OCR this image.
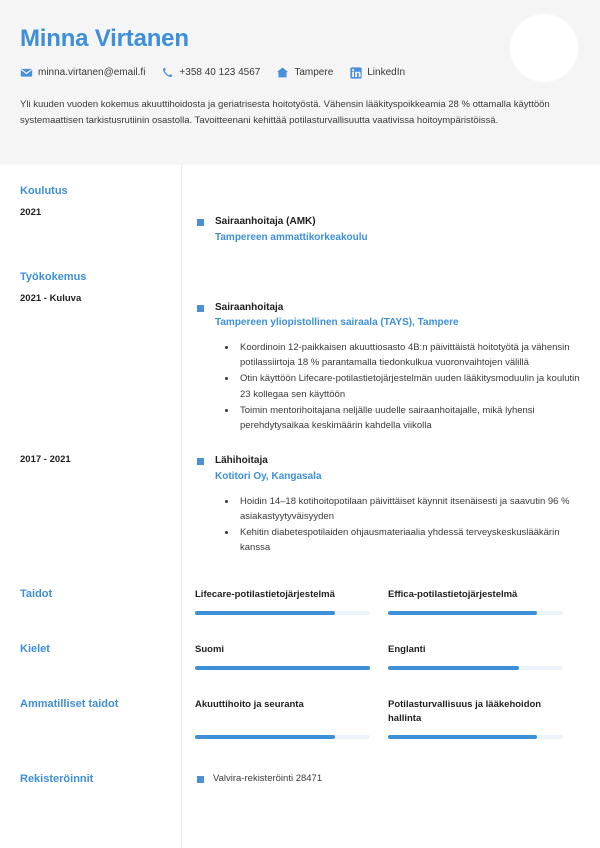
Minna Virtanen
minna.virtanen@email.fi	+358 40 123 4567	Tampere	LinkedIn
Yli kuuden vuoden kokemus akuuttihoidosta ja geriatrisesta hoitotyöstä. Vähensin lääkityspoikkeamia 28 % ottamalla käyttöön systemaattisen tarkistusrutiinin osastolla. Tavoitteenani kehittää potilasturvallisuutta vaativissa hoitoympäristöissä.
Koulutus
2021
Sairaanhoitaja (AMK)
Tampereen ammattikorkeakoulu
Työkokemus
2021 - Kuluva
Sairaanhoitaja
Tampereen yliopistollinen sairaala (TAYS), Tampere
• Koordinoin 12-paikkaisen akuuttiosasto 4B:n päivittäistä hoitotyötä ja vähensin potilassiirtoja 18 % parantamalla tiedonkulkua vuoronvaihtojen välillä
• Otin käyttöön Lifecare-potilastietojärjestelmän uuden lääkitysmoduulin ja koulutin 23 kollegaa sen käyttöön
• Toimin mentorihoitajana neljälle uudelle sairaanhoitajalle, mikä lyhensi perehdytysaikaa keskimäärin kahdella viikolla
2017 - 2021	Lähihoitaja
Kotitori Oy, Kangasala
• Hoidin 14–18 kotihoitopotilaan päivittäiset käynnit itsenäisesti ja saavutin 96 % asiakastyytyväisyyden
• Kehitin diabetespotilaiden ohjausmateriaalia yhdessä terveyskeskuslääkärin kanssa
Taidot	Lifecare-potilastietojärjestelmä	Effica-potilastietojärjestelmä
Kielet	Suomi	Englanti
Ammatilliset taidot	Akuuttihoito ja seuranta	Potilasturvallisuus ja lääkehoidon hallinta
Rekisteröinnit	Valvira-rekisteröinti 28471
